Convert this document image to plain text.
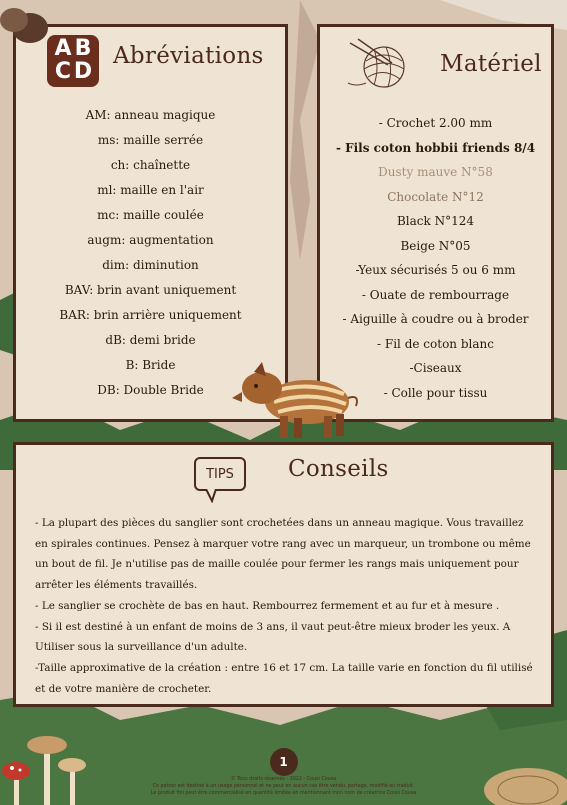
A B
C D
Abréviations
AM: anneau magique
ms: maille serrée
ch: chaînette
ml: maille en l'air
mc: maille coulée
augm: augmentation
dim: diminution
BAV: brin avant uniquement
BAR: brin arrière uniquement
dB: demi bride
B: Bride
DB: Double Bride
Matériel
- Crochet 2.00 mm
- Fils coton hobbii friends 8/4
Dusty mauve N°58
Chocolate N°12
Black N°124
Beige N°05
-Yeux sécurisés 5 ou 6 mm
- Ouate de rembourrage
- Aiguille à coudre ou à broder
- Fil de coton blanc
-Ciseaux
- Colle pour tissu
TIPS Conseils

- La plupart des pièces du sanglier sont crochetées dans un anneau magique. Vous travaillez en spirales continues. Pensez à marquer votre rang avec un marqueur, un trombone ou même un bout de fil. Je n'utilise pas de maille coulée pour fermer les rangs mais uniquement pour arrêter les éléments travaillés.

- Le sanglier se crochète de bas en haut. Rembourrez fermement et au fur et à mesure .

- Si il est destiné à un enfant de moins de 3 ans, il vaut peut-être mieux broder les yeux. A Utiliser sous la surveillance d'un adulte.

-Taille approximative de la création : entre 16 et 17 cm. La taille varie en fonction du fil utilisé et de votre manière de crocheter.

1
© Tous droits réservés - 2022 - Cousi Cousa
Ce patron est destiné à un usage personnel et ne peut en aucun cas être vendu, partagé, modifié ou traduit.
Le produit fini peut être commercialisé en quantité limitée en mentionnant mon nom de créatrice Cousi Cousa
